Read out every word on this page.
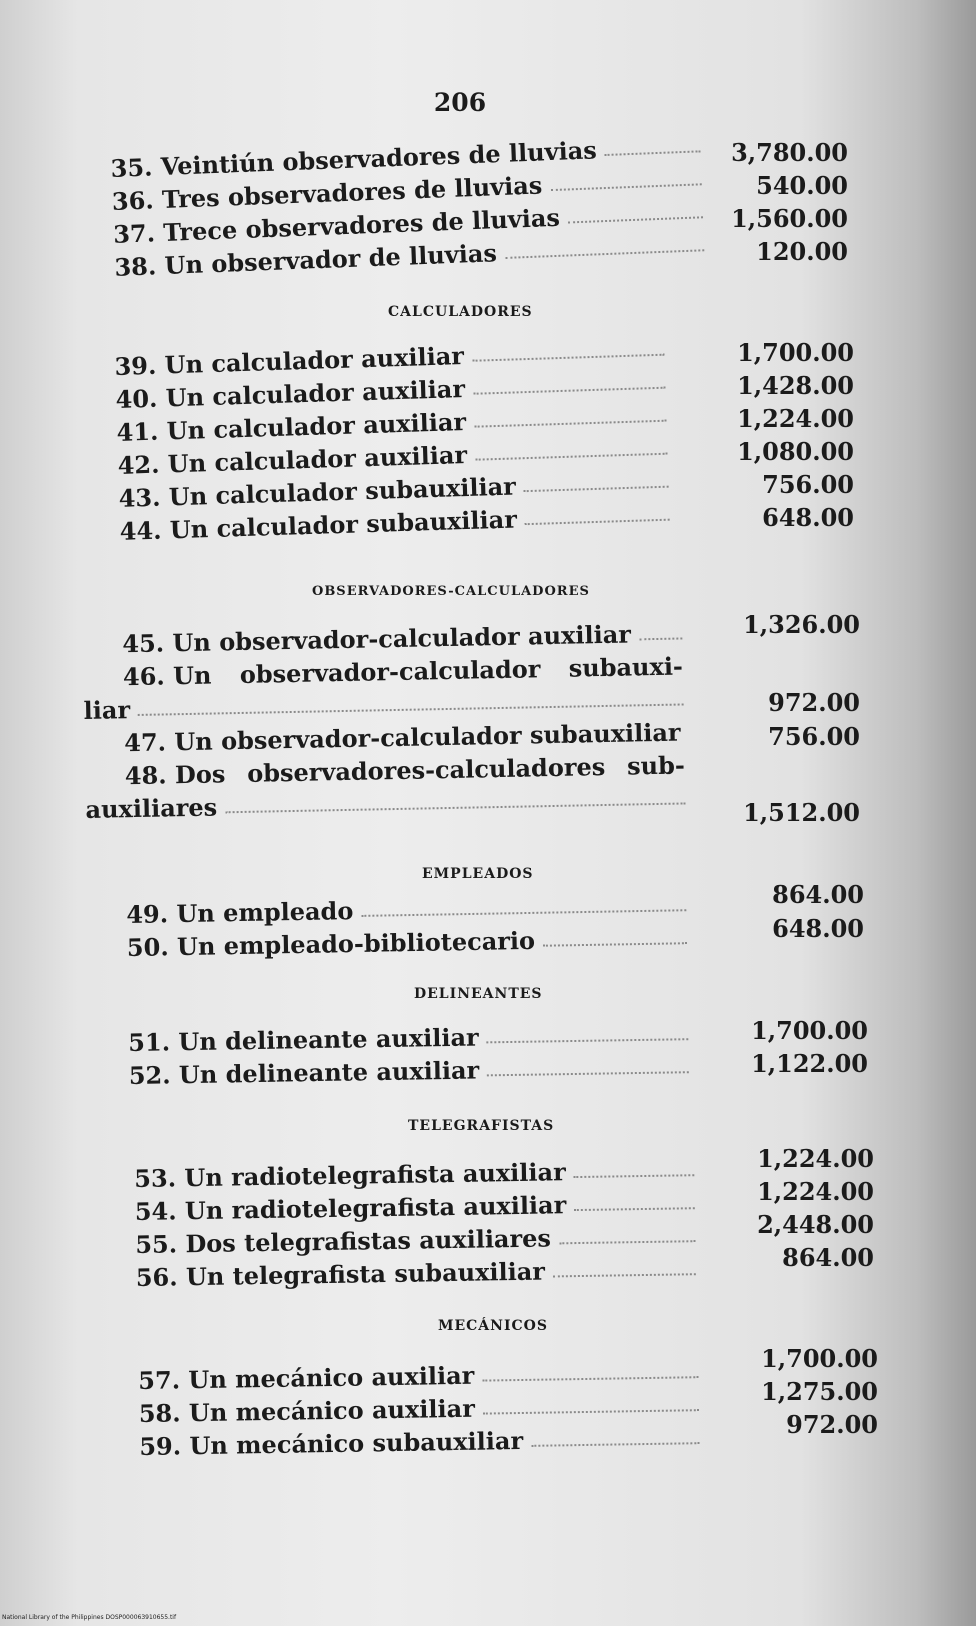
206
35. Veintiún observadores de lluvias
36. Tres observadores de lluvias
37. Trece observadores de lluvias
38. Un observador de lluvias
3,780.00
540.00
1,560.00
120.00
CALCULADORES
39. Un calculador auxiliar
40. Un calculador auxiliar
41. Un calculador auxiliar
42. Un calculador auxiliar
43. Un calculador subauxiliar
44. Un calculador subauxiliar
1,700.00
1,428.00
1,224.00
1,080.00
756.00
648.00
OBSERVADORES-CALCULADORES
45. Un observador-calculador auxiliar
46. Un observador-calculador subauxi-
liar
47. Un observador-calculador subauxiliar
48. Dos observadores-calculadores sub-
auxiliares
1,326.00
972.00
756.00
1,512.00
EMPLEADOS
49. Un empleado
50. Un empleado-bibliotecario
864.00
648.00
DELINEANTES
51. Un delineante auxiliar
52. Un delineante auxiliar
1,700.00
1,122.00
TELEGRAFISTAS
53. Un radiotelegrafista auxiliar
54. Un radiotelegrafista auxiliar
55. Dos telegrafistas auxiliares
56. Un telegrafista subauxiliar
1,224.00
1,224.00
2,448.00
864.00
MECÁNICOS
57. Un mecánico auxiliar
58. Un mecánico auxiliar
59. Un mecánico subauxiliar
1,700.00
1,275.00
972.00
National Library of the Philippines DOSP000063910655.tif
